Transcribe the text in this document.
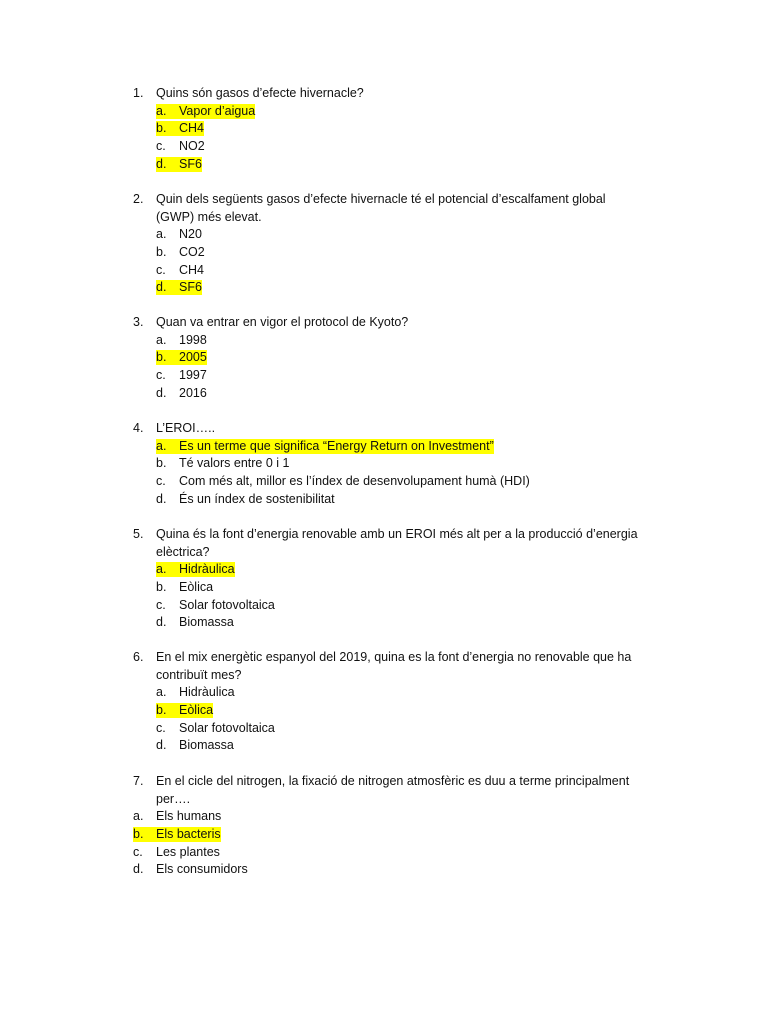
1. Quins són gasos d’efecte hivernacle?
a. Vapor d’aigua
b. CH4
c. NO2
d. SF6
2. Quin dels següents gasos d’efecte hivernacle té el potencial d’escalfament global
(GWP) més elevat.
a. N20
b. CO2
c. CH4
d. SF6
3. Quan va entrar en vigor el protocol de Kyoto?
a. 1998
b. 2005
c. 1997
d. 2016
4. L’EROI…..
a. Es un terme que significa “Energy Return on Investment”
b. Té valors entre 0 i 1
c. Com més alt, millor es l’índex de desenvolupament humà (HDI)
d. És un índex de sostenibilitat
5. Quina és la font d’energia renovable amb un EROI més alt per a la producció d’energia
elèctrica?
a. Hidràulica
b. Eòlica
c. Solar fotovoltaica
d. Biomassa
6. En el mix energètic espanyol del 2019, quina es la font d’energia no renovable que ha
contribuït mes?
a. Hidràulica
b. Eòlica
c. Solar fotovoltaica
d. Biomassa
7. En el cicle del nitrogen, la fixació de nitrogen atmosfèric es duu a terme principalment
per….
a. Els humans
b. Els bacteris
c. Les plantes
d. Els consumidors
